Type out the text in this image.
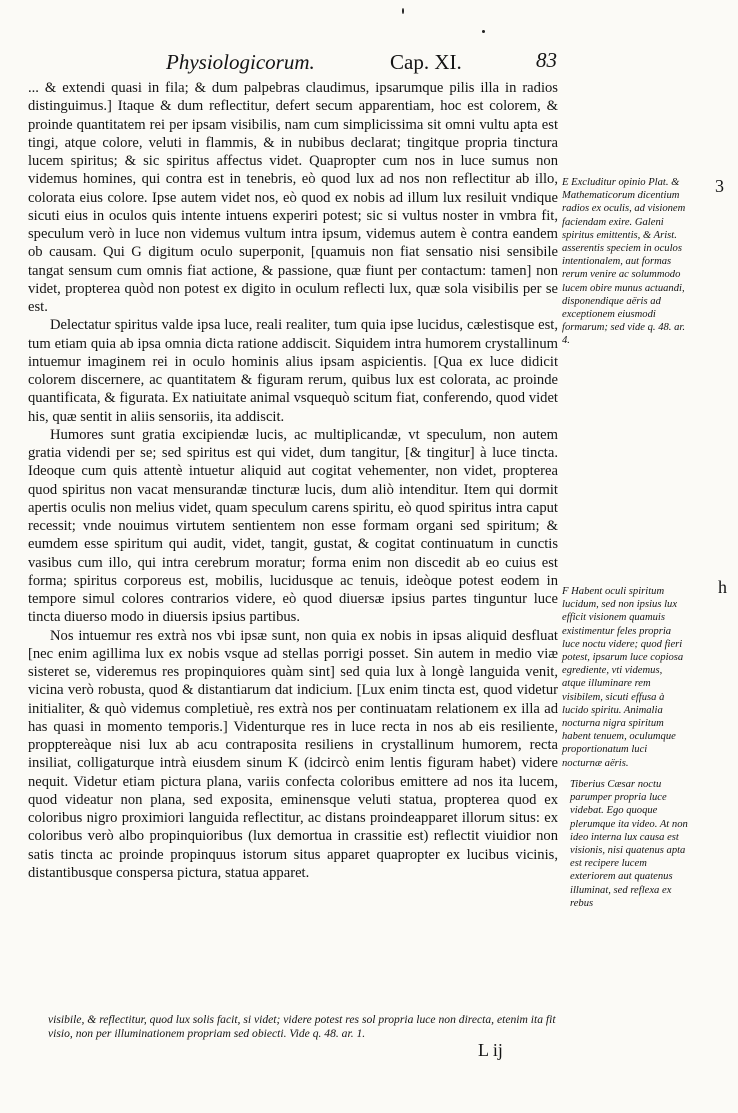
Physiologicorum.	Cap. XI.	83

... & extendi quasi in fila; & dum palpebras claudimus, ipsarumque pilis illa in radios distinguimus.] Itaque & dum reflectitur, defert secum apparentiam, hoc est colorem, & proinde quantitatem rei per ipsam visibilis, nam cum simplicissima sit omni vultu apta est tingi, atque colore, veluti in flammis, & in nubibus declarat; tingitque propria tinctura lucem spiritus; & sic spiritus affectus videt. Quapropter cum nos in luce sumus non videmus homines, qui contra est in tenebris, eò quod lux ad nos non reflectitur ab illo, colorata eius colore. Ipse autem videt nos, eò quod ex nobis ad illum lux resiluit vndique sicuti eius in oculos quis intente intuens experiri potest; sic si vultus noster in vmbra fit, speculum verò in luce non videmus vultum intra ipsum, videmus autem è contra eandem ob causam. Qui G digitum oculo superponit, [quamuis non fiat sensatio nisi sensibile tangat sensum cum omnis fiat actione, & passione, quæ fiunt per contactum: tamen] non videt, propterea quòd non potest ex digito in oculum reflecti lux, quæ sola visibilis per se est.

Delectatur spiritus valde ipsa luce, reali realiter, tum quia ipse lucidus, cælestisque est, tum etiam quia ab ipsa omnia dicta ratione addiscit. Siquidem intra humorem crystallinum intuemur imaginem rei in oculo hominis alius ipsam aspicientis. [Qua ex luce didicit colorem discernere, ac quantitatem & figuram rerum, quibus lux est colorata, ac proinde quantificata, & figurata. Ex natiuitate animal vsquequò scitum fiat, conferendo, quod videt his, quæ sentit in aliis sensoriis, ita addiscit.

Humores sunt gratia excipiendæ lucis, ac multiplicandæ, vt speculum, non autem gratia videndi per se; sed spiritus est qui videt, dum tangitur, [& tingitur] à luce tincta. Ideoque cum quis attentè intuetur aliquid aut cogitat vehementer, non videt, propterea quod spiritus non vacat mensurandæ tincturæ lucis, dum aliò intenditur. Item qui dormit apertis oculis non melius videt, quam speculum carens spiritu, eò quod spiritus intra caput recessit; vnde nouimus virtutem sentientem non esse formam organi sed spiritum; & eumdem esse spiritum qui audit, videt, tangit, gustat, & cogitat continuatum in cunctis vasibus cum illo, qui intra cerebrum moratur; forma enim non discedit ab eo cuius est forma; spiritus corporeus est, mobilis, lucidusque ac tenuis, ideòque potest eodem in tempore simul colores contrarios videre, eò quod diuersæ ipsius partes tinguntur luce tincta diuerso modo in diuersis ipsius partibus.

Nos intuemur res extrà nos vbi ipsæ sunt, non quia ex nobis in ipsas aliquid desfluat [nec enim agillima lux ex nobis vsque ad stellas porrigi posset. Sin autem in medio viæ sisteret se, videremus res propinquiores quàm sint] sed quia lux à longè languida venit, vicina verò robusta, quod & distantiarum dat indicium. [Lux enim tincta est, quod videtur initialiter, & quò videmus completiuè, res extrà nos per continuatam relationem ex illa ad has quasi in momento temporis.] Videnturque res in luce recta in nos ab eis resiliente, propptereàque nisi lux ab acu contraposita resiliens in crystallinum humorem, recta insiliat, colligaturque intrà eiusdem sinum K (idcircò enim lentis figuram habet) videre nequit. Videtur etiam pictura plana, variis confecta coloribus emittere ad nos ita lucem, quod videatur non plana, sed exposita, eminensque veluti statua, propterea quod ex coloribus nigro proximiori languida reflectitur, ac distans proindeapparet illorum situs: ex coloribus verò albo propinquioribus (lux demortua in crassitie est) reflectit viuidior non satis tincta ac proinde propinquus istorum situs apparet quapropter ex lucibus vicinis, distantibusque conspersa pictura, statua apparet.

E Excluditur opinio Plat. & Mathematicorum dicentium radios ex oculis, ad visionem faciendam exire. Galeni spiritus emittentis, & Arist. asserentis speciem in oculos intentionalem, aut formas rerum venire ac solummodo lucem obire munus actuandi, disponendique aëris ad exceptionem eiusmodi formarum; sed vide q. 48. ar. 4.
F Habent oculi spiritum lucidum, sed non ipsius lux efficit visionem quamuis existimentur feles propria luce noctu videre; quod fieri potest, ipsarum luce copiosa egrediente, vti videmus, atque illuminare rem visibilem, sicuti effusa à lucido spiritu. Animalia nocturna nigra spiritum habent tenuem, oculumque proportionatum luci nocturnæ aëris.
Tiberius Cæsar noctu parumper propria luce videbat. Ego quoque plerumque ita video. At non ideo interna lux causa est visionis, nisi quatenus apta est recipere lucem exteriorem aut quatenus illuminat, sed reflexa ex rebus
3
h
visibile, & reflectitur, quod lux solis facit, si videt; videre potest res sol propria luce non directa, etenim ita fit visio, non per illuminationem propriam sed obiecti. Vide q. 48. ar. 1.
L ij
